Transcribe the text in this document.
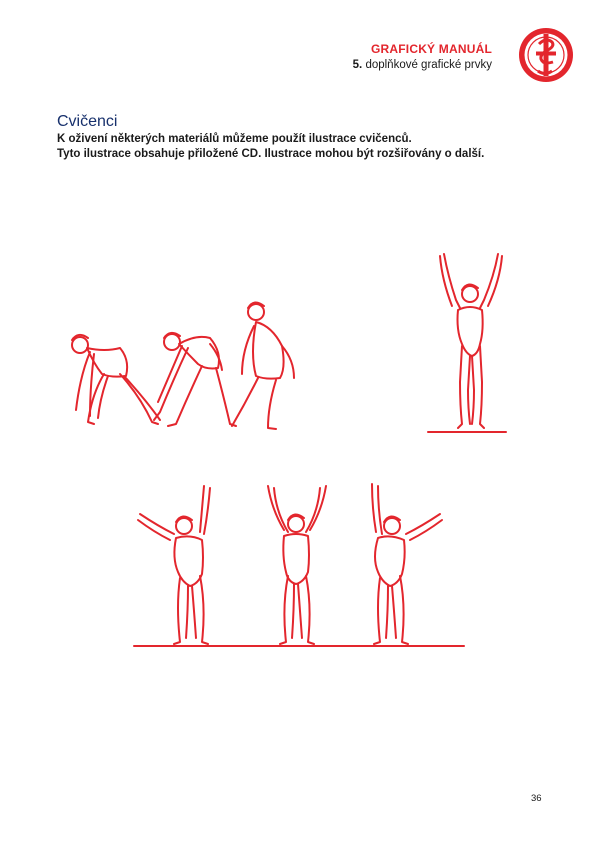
GRAFICKÝ MANUÁL
5. doplňkové grafické prvky
Cvičenci

K oživení některých materiálů můžeme použít ilustrace cvičenců.

Tyto ilustrace obsahuje přiložené CD. Ilustrace mohou být rozšiřovány o další.

36
